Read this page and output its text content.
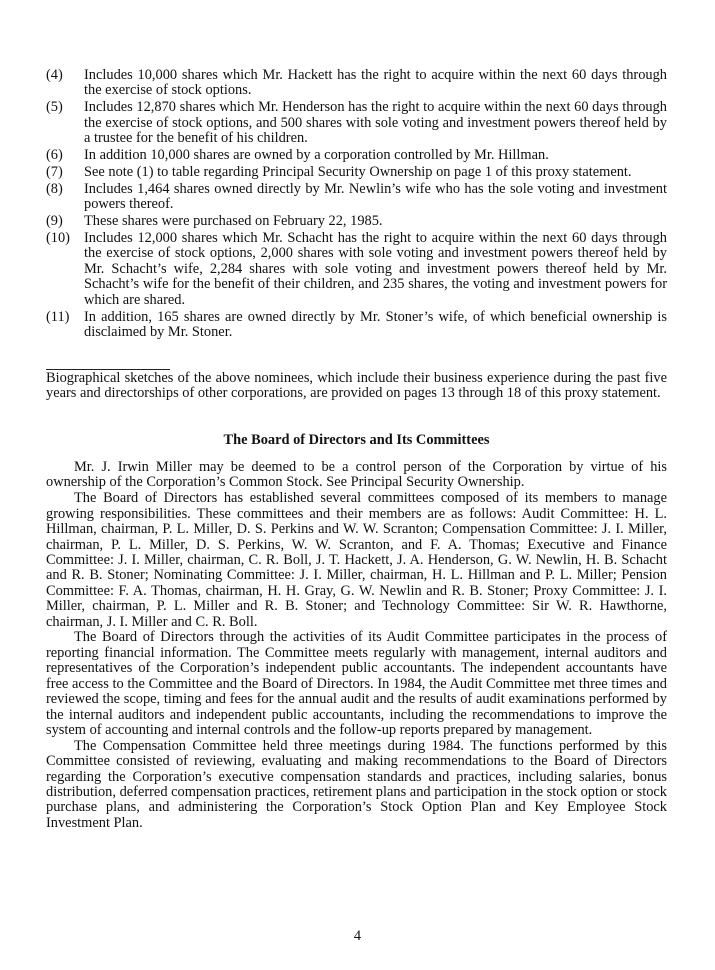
(4)	Includes 10,000 shares which Mr. Hackett has the right to acquire within the next 60 days through the exercise of stock options.
(5)	Includes 12,870 shares which Mr. Henderson has the right to acquire within the next 60 days through the exercise of stock options, and 500 shares with sole voting and investment powers thereof held by a trustee for the benefit of his children.
(6)	In addition 10,000 shares are owned by a corporation controlled by Mr. Hillman.
(7)	See note (1) to table regarding Principal Security Ownership on page 1 of this proxy statement.
(8)	Includes 1,464 shares owned directly by Mr. Newlin’s wife who has the sole voting and investment powers thereof.
(9)	These shares were purchased on February 22, 1985.
(10) Includes 12,000 shares which Mr. Schacht has the right to acquire within the next 60 days through the exercise of stock options, 2,000 shares with sole voting and investment powers thereof held by Mr. Schacht’s wife, 2,284 shares with sole voting and investment powers thereof held by Mr. Schacht’s wife for the benefit of their children, and 235 shares, the voting and investment powers for which are shared.
(11)	In addition, 165 shares are owned directly by Mr. Stoner’s wife, of which beneficial ownership is disclaimed by Mr. Stoner.

Biographical sketches of the above nominees, which include their business experience during the past five years and directorships of other corporations, are provided on pages 13 through 18 of this proxy statement.

The Board of Directors and Its Committees

Mr. J. Irwin Miller may be deemed to be a control person of the Corporation by virtue of his ownership of the Corporation’s Common Stock. See Principal Security Ownership.

The Board of Directors has established several committees composed of its members to manage growing responsibilities. These committees and their members are as follows: Audit Committee: H. L. Hillman, chairman, P. L. Miller, D. S. Perkins and W. W. Scranton; Compensation Committee: J. I. Miller, chairman, P. L. Miller, D. S. Perkins, W. W. Scranton, and F. A. Thomas; Executive and Finance Committee: J. I. Miller, chairman, C. R. Boll, J. T. Hackett, J. A. Henderson, G. W. Newlin, H. B. Schacht and R. B. Stoner; Nominating Committee: J. I. Miller, chairman, H. L. Hillman and P. L. Miller; Pension Committee: F. A. Thomas, chairman, H. H. Gray, G. W. Newlin and R. B. Stoner; Proxy Committee: J. I. Miller, chairman, P. L. Miller and R. B. Stoner; and Technology Committee: Sir W. R. Hawthorne, chairman, J. I. Miller and C. R. Boll.

The Board of Directors through the activities of its Audit Committee participates in the process of reporting financial information. The Committee meets regularly with management, internal auditors and representatives of the Corporation’s independent public accountants. The independent accountants have free access to the Committee and the Board of Directors. In 1984, the Audit Committee met three times and reviewed the scope, timing and fees for the annual audit and the results of audit examinations performed by the internal auditors and independent public accountants, including the recommendations to improve the system of accounting and internal controls and the follow-up reports prepared by management.

The Compensation Committee held three meetings during 1984. The functions performed by this Committee consisted of reviewing, evaluating and making recommendations to the Board of Directors regarding the Corporation’s executive compensation standards and practices, including salaries, bonus distribution, deferred compensation practices, retirement plans and participation in the stock option or stock purchase plans, and administering the Corporation’s Stock Option Plan and Key Employee Stock Investment Plan.

4
